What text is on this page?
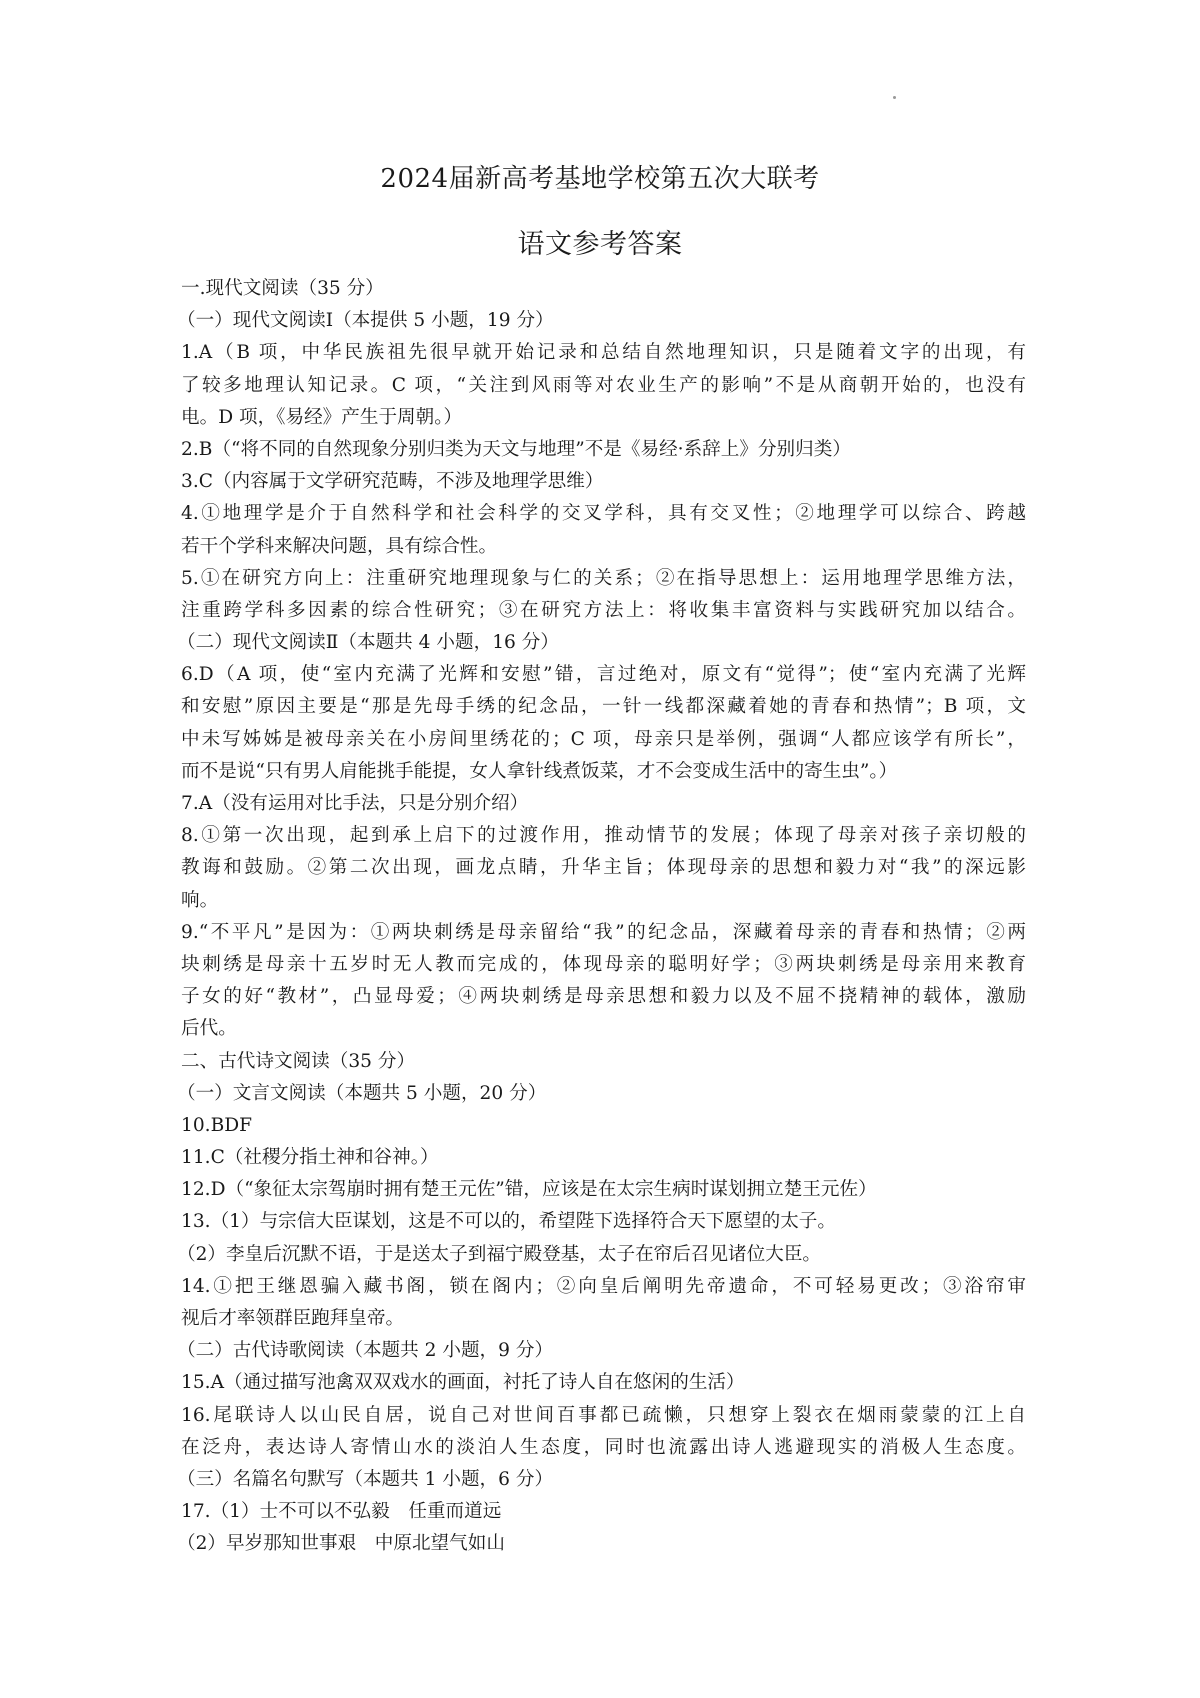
2024届新高考基地学校第五次大联考
语文参考答案
一.现代文阅读（35 分）
（一）现代文阅读Ⅰ（本提供 5 小题，19 分）
1.A（B 项，中华民族祖先很早就开始记录和总结自然地理知识，只是随着文字的出现，有
了较多地理认知记录。C 项，“关注到风雨等对农业生产的影响”不是从商朝开始的，也没有
电。D 项，《易经》产生于周朝。）
2.B（“将不同的自然现象分别归类为天文与地理”不是《易经·系辞上》分别归类）
3.C（内容属于文学研究范畴，不涉及地理学思维）
4.①地理学是介于自然科学和社会科学的交叉学科，具有交叉性；②地理学可以综合、跨越
若干个学科来解决问题，具有综合性。
5.①在研究方向上：注重研究地理现象与仁的关系；②在指导思想上：运用地理学思维方法，
注重跨学科多因素的综合性研究；③在研究方法上：将收集丰富资料与实践研究加以结合。
（二）现代文阅读Ⅱ（本题共 4 小题，16 分）
6.D（A 项，使“室内充满了光辉和安慰”错，言过绝对，原文有“觉得”；使“室内充满了光辉
和安慰”原因主要是“那是先母手绣的纪念品，一针一线都深藏着她的青春和热情”；B 项，文
中未写姊姊是被母亲关在小房间里绣花的；C 项，母亲只是举例，强调“人都应该学有所长”，
而不是说“只有男人肩能挑手能提，女人拿针线煮饭菜，才不会变成生活中的寄生虫”。）
7.A（没有运用对比手法，只是分别介绍）
8.①第一次出现，起到承上启下的过渡作用，推动情节的发展；体现了母亲对孩子亲切般的
教诲和鼓励。②第二次出现，画龙点睛，升华主旨；体现母亲的思想和毅力对“我”的深远影
响。
9.“不平凡”是因为：①两块刺绣是母亲留给“我”的纪念品，深藏着母亲的青春和热情；②两
块刺绣是母亲十五岁时无人教而完成的，体现母亲的聪明好学；③两块刺绣是母亲用来教育
子女的好“教材”，凸显母爱；④两块刺绣是母亲思想和毅力以及不屈不挠精神的载体，激励
后代。
二、古代诗文阅读（35 分）
（一）文言文阅读（本题共 5 小题，20 分）
10.BDF
11.C（社稷分指土神和谷神。）
12.D（“象征太宗驾崩时拥有楚王元佐”错，应该是在太宗生病时谋划拥立楚王元佐）
13.（1）与宗信大臣谋划，这是不可以的，希望陛下选择符合天下愿望的太子。
（2）李皇后沉默不语，于是送太子到福宁殿登基，太子在帘后召见诸位大臣。
14.①把王继恩骗入藏书阁，锁在阁内；②向皇后阐明先帝遗命，不可轻易更改；③浴帘审
视后才率领群臣跑拜皇帝。
（二）古代诗歌阅读（本题共 2 小题，9 分）
15.A（通过描写池禽双双戏水的画面，衬托了诗人自在悠闲的生活）
16.尾联诗人以山民自居，说自己对世间百事都已疏懒，只想穿上裂衣在烟雨蒙蒙的江上自
在泛舟，表达诗人寄情山水的淡泊人生态度，同时也流露出诗人逃避现实的消极人生态度。
（三）名篇名句默写（本题共 1 小题，6 分）
17.（1）士不可以不弘毅　任重而道远
（2）早岁那知世事艰　中原北望气如山
